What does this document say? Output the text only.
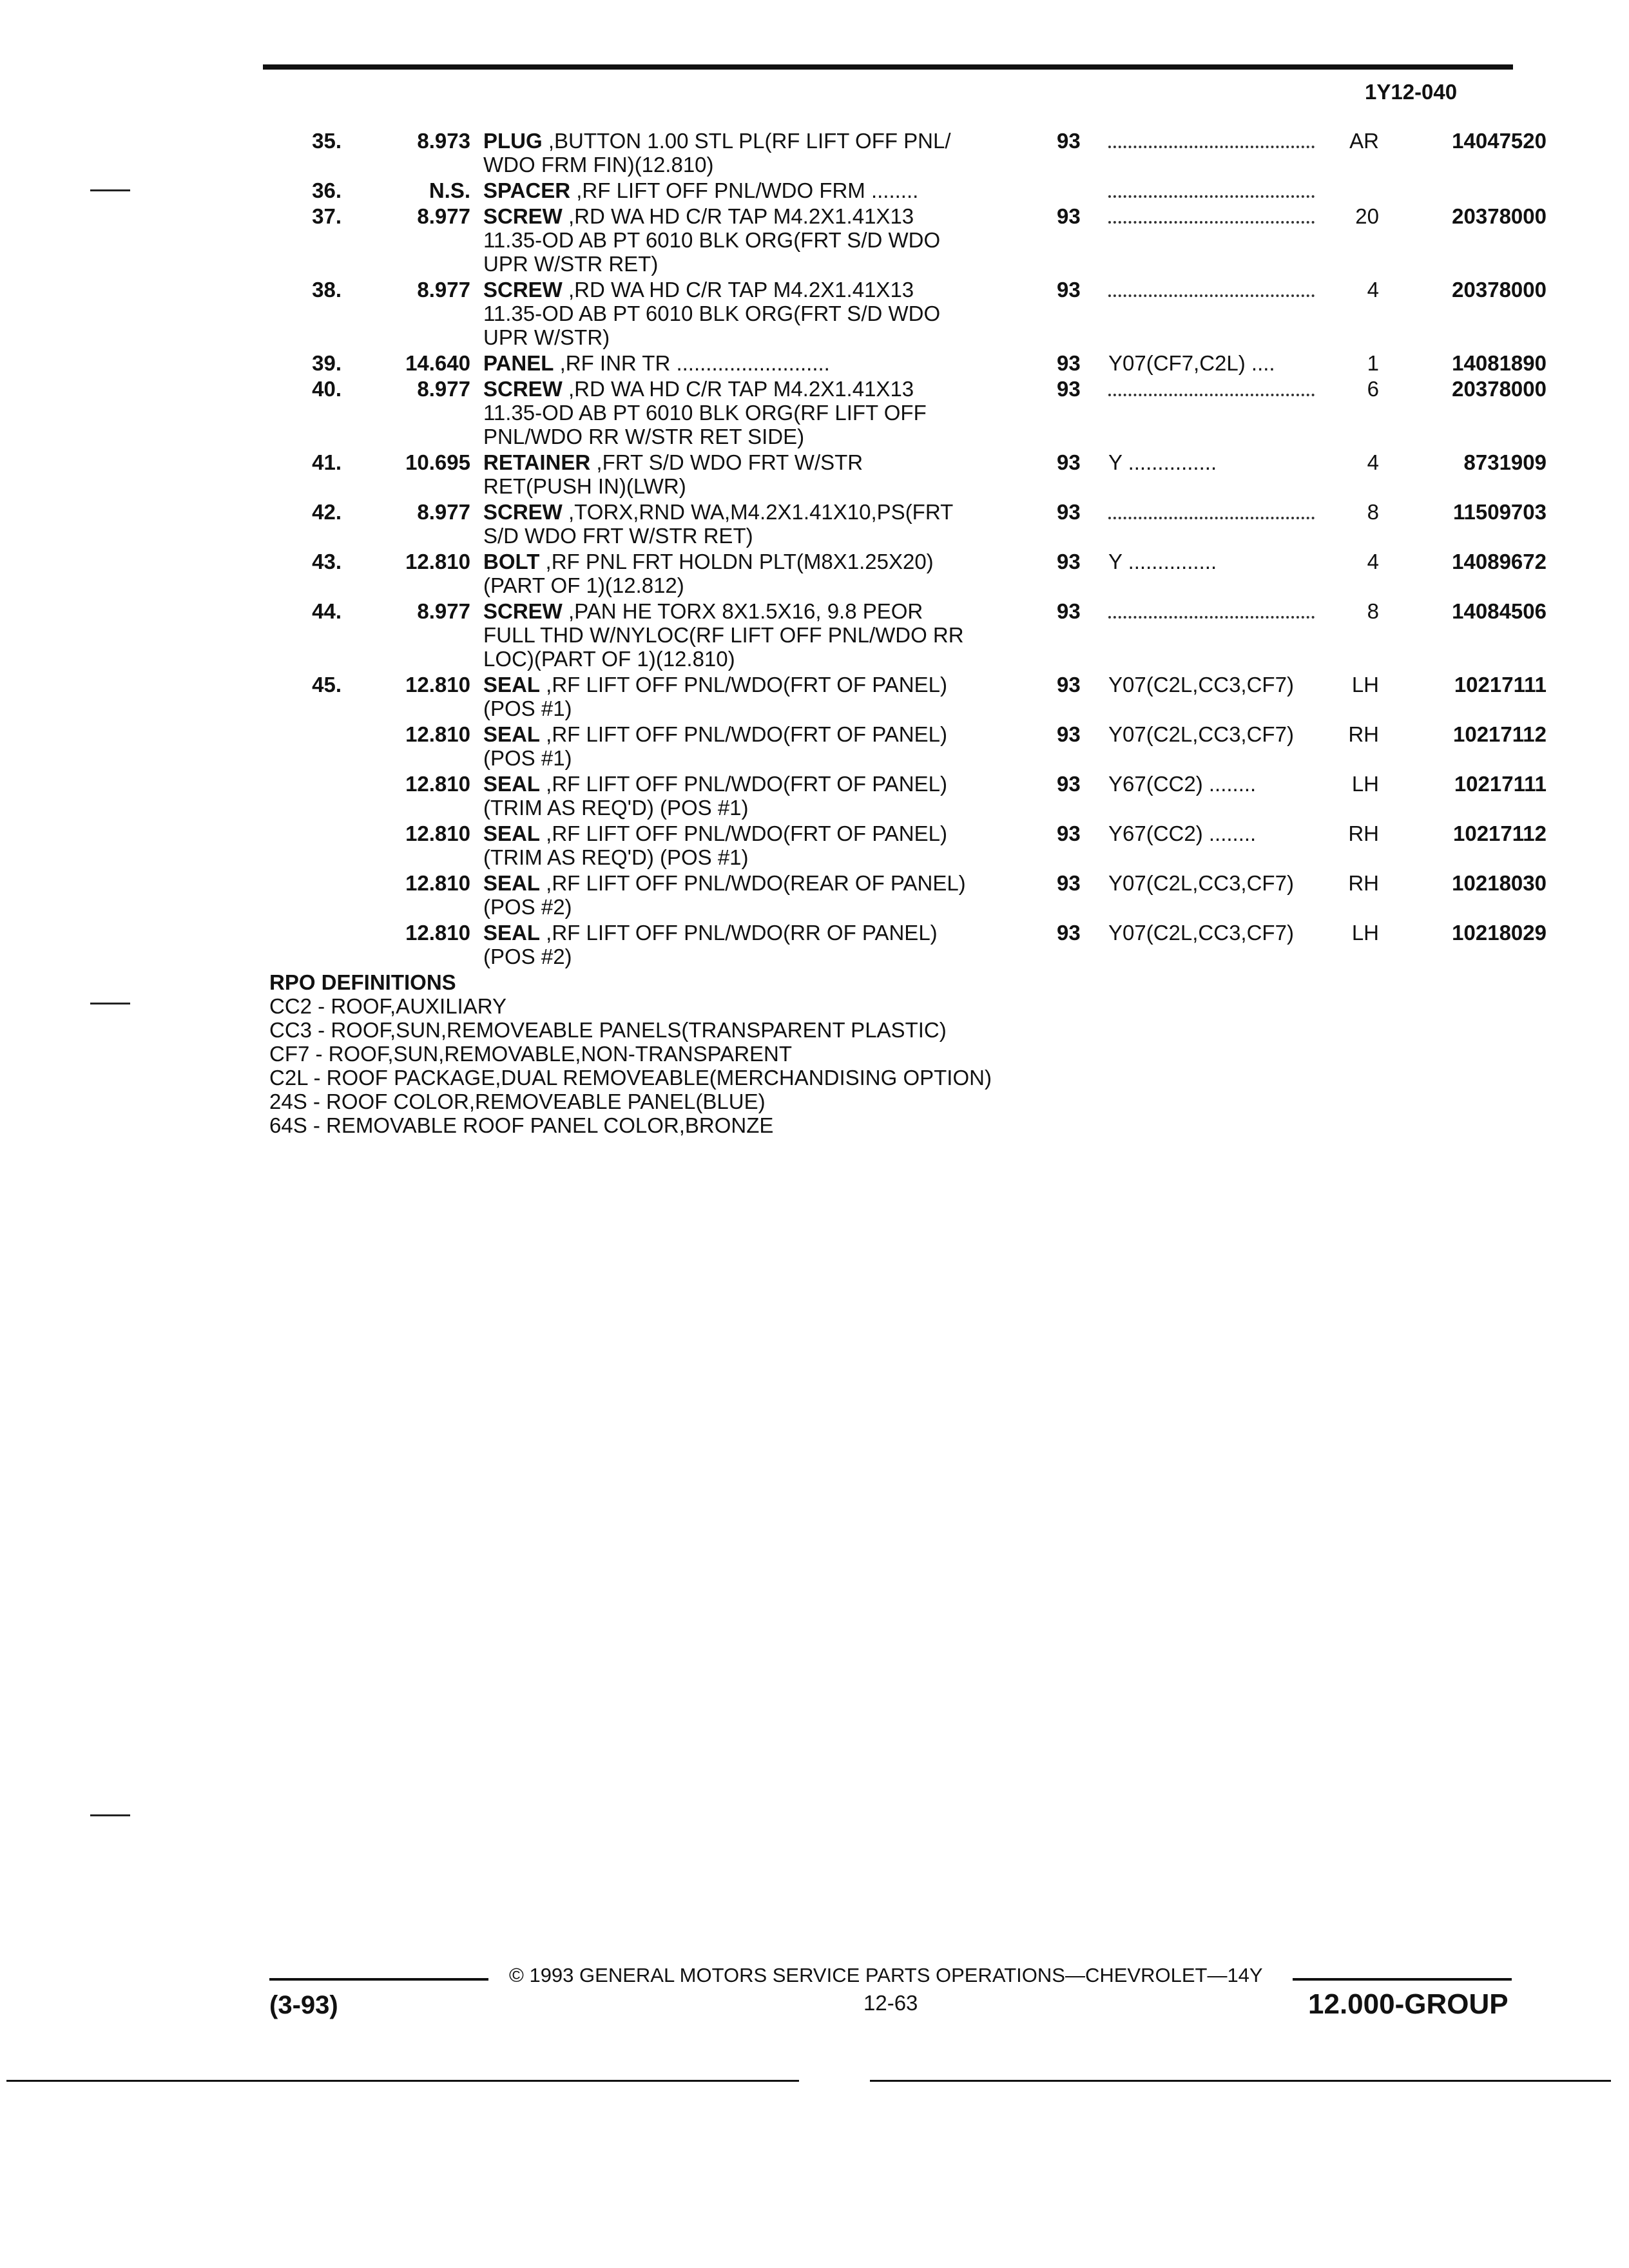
1Y12-040
35.	8.973 PLUG ,BUTTON 1.00 STL PL(RF LIFT OFF PNL/
WDO FRM FIN)(12.810)
93	AR	14047520
36.	N.S. SPACER ,RF LIFT OFF PNL/WDO FRM ........
37.	8.977 SCREW ,RD WA HD C/R TAP M4.2X1.41X13
11.35-OD AB PT 6010 BLK ORG(FRT S/D WDO
UPR W/STR RET)
93	20	20378000
38.	8.977 SCREW ,RD WA HD C/R TAP M4.2X1.41X13
11.35-OD AB PT 6010 BLK ORG(FRT S/D WDO
UPR W/STR)
93	4	20378000
39.	14.640 PANEL ,RF INR TR ..........................	93 Y07(CF7,C2L) ....	1	14081890
40.	8.977 SCREW ,RD WA HD C/R TAP M4.2X1.41X13
11.35-OD AB PT 6010 BLK ORG(RF LIFT OFF
PNL/WDO RR W/STR RET SIDE)
93	6	20378000
41.	10.695 RETAINER ,FRT S/D WDO FRT W/STR
RET(PUSH IN)(LWR)
93 Y ...............	4	8731909
42.	8.977 SCREW ,TORX,RND WA,M4.2X1.41X10,PS(FRT
S/D WDO FRT W/STR RET)
93	8	11509703
43.	12.810 BOLT ,RF PNL FRT HOLDN PLT(M8X1.25X20)
(PART OF 1)(12.812)
93 Y ...............	4	14089672
44.	8.977 SCREW ,PAN HE TORX 8X1.5X16, 9.8 PEOR
FULL THD W/NYLOC(RF LIFT OFF PNL/WDO RR
LOC)(PART OF 1)(12.810)
93	8	14084506
45.	12.810 SEAL ,RF LIFT OFF PNL/WDO(FRT OF PANEL)
(POS #1)
93 Y07(C2L,CC3,CF7)	LH	10217111
12.810 SEAL ,RF LIFT OFF PNL/WDO(FRT OF PANEL)
(POS #1)
93 Y07(C2L,CC3,CF7)	RH	10217112
12.810 SEAL ,RF LIFT OFF PNL/WDO(FRT OF PANEL)
(TRIM AS REQ'D) (POS #1)
93 Y67(CC2) ........	LH	10217111
12.810 SEAL ,RF LIFT OFF PNL/WDO(FRT OF PANEL)
(TRIM AS REQ'D) (POS #1)
93 Y67(CC2) ........	RH	10217112
12.810 SEAL ,RF LIFT OFF PNL/WDO(REAR OF PANEL)
(POS #2)
93 Y07(C2L,CC3,CF7)	RH	10218030
12.810 SEAL ,RF LIFT OFF PNL/WDO(RR OF PANEL)
(POS #2)
93 Y07(C2L,CC3,CF7)	LH	10218029
RPO DEFINITIONS
CC2 - ROOF,AUXILIARY
CC3 - ROOF,SUN,REMOVEABLE PANELS(TRANSPARENT PLASTIC)
CF7 - ROOF,SUN,REMOVABLE,NON-TRANSPARENT
C2L - ROOF PACKAGE,DUAL REMOVEABLE(MERCHANDISING OPTION)
24S - ROOF COLOR,REMOVEABLE PANEL(BLUE)
64S - REMOVABLE ROOF PANEL COLOR,BRONZE
© 1993 GENERAL MOTORS SERVICE PARTS OPERATIONS—CHEVROLET—14Y
(3-93)	12-63	12.000-GROUP
